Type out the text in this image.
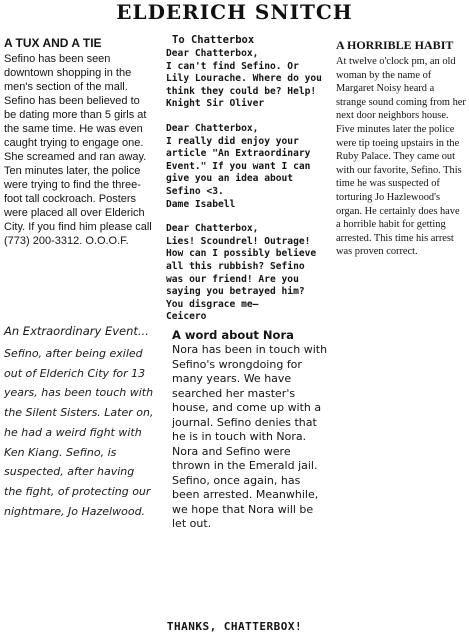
ELDERICH SNITCH
A TUX AND A TIE
Sefino has been seen downtown shopping in the men's section of the mall. Sefino has been believed to be dating more than 5 girls at the same time. He was even caught trying to engage one. She screamed and ran away. Ten minutes later, the police were trying to find the three-foot tall cockroach. Posters were placed all over Elderich City. If you find him please call (773) 200-3312. O.O.O.F.
To Chatterbox
Dear Chatterbox,
I can't find Sefino. Or Lily Lourache. Where do you think they could be? Help! Knight Sir Oliver
Dear Chatterbox,
I really did enjoy your article "An Extraordinary Event." If you want I can give you an idea about Sefino <3.
Dame Isabell
Dear Chatterbox,
Lies! Scoundrel! Outrage! How can I possibly believe all this rubbish? Sefino was our friend! Are you saying you betrayed him? You disgrace me—
Ceicero
A HORRIBLE HABIT
At twelve o'clock pm, an old woman by the name of Margaret Noisy heard a strange sound coming from her next door neighbors house. Five minutes later the police were tip toeing upstairs in the Ruby Palace. They came out with our favorite, Sefino. This time he was suspected of torturing Jo Hazlewood's organ. He certainly does have a horrible habit for getting arrested. This time his arrest was proven correct.
An Extraordinary Event...
Sefino, after being exiled out of Elderich City for 13 years, has been touch with the Silent Sisters. Later on, he had a weird fight with Ken Kiang. Sefino, is suspected, after having the fight, of protecting our nightmare, Jo Hazelwood.
A word about Nora
Nora has been in touch with Sefino's wrongdoing for many years. We have searched her master's house, and come up with a journal. Sefino denies that he is in touch with Nora. Nora and Sefino were thrown in the Emerald jail. Sefino, once again, has been arrested. Meanwhile, we hope that Nora will be let out.
THANKS, CHATTERBOX!
